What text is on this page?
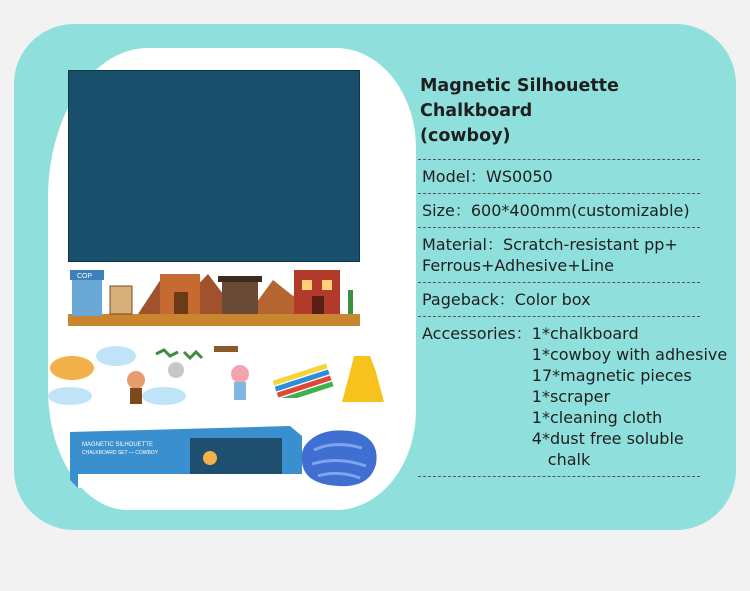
COP
MAGNETIC SILHOUETTE
CHALKBOARD SET — COWBOY
Magnetic Silhouette Chalkboard
(cowboy)
Model：WS0050
Size：600*400mm(customizable)
Material：Scratch-resistant pp+
Ferrous+Adhesive+Line
Pageback：Color box
Accessories： 1*chalkboard
1*cowboy with adhesive
17*magnetic pieces
1*scraper
1*cleaning cloth
4*dust free soluble
chalk
